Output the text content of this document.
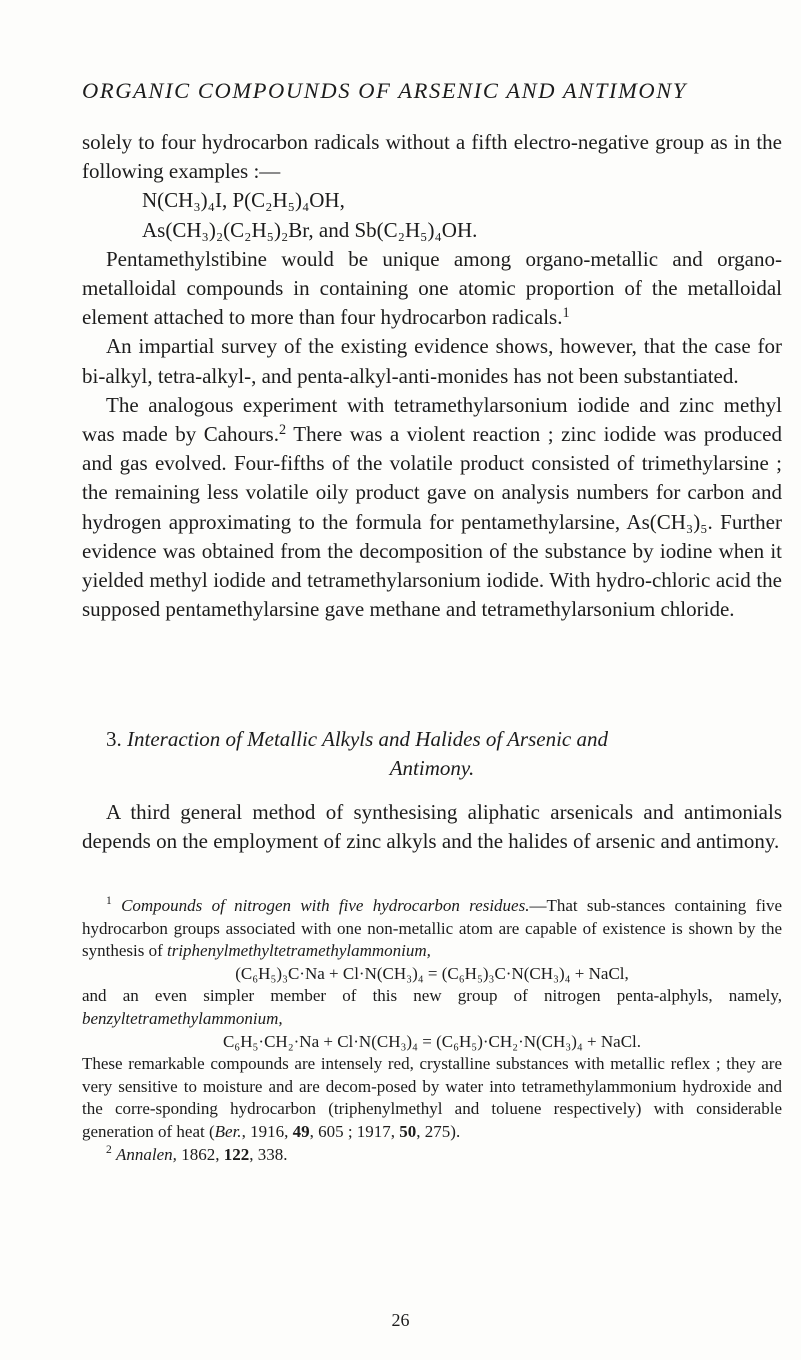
ORGANIC COMPOUNDS OF ARSENIC AND ANTIMONY

solely to four hydrocarbon radicals without a fifth electro-negative group as in the following examples :—

N(CH₃)₄I, P(C₂H₅)₄OH,
As(CH₃)₂(C₂H₅)₂Br, and Sb(C₂H₅)₄OH.

Pentamethylstibine would be unique among organo-metallic and organo-metalloidal compounds in containing one atomic proportion of the metalloidal element attached to more than four hydrocarbon radicals.$^1$

An impartial survey of the existing evidence shows, however, that the case for bi-alkyl, tetra-alkyl-, and penta-alkyl-anti-monides has not been substantiated.

The analogous experiment with tetramethylarsonium iodide and zinc methyl was made by Cahours.$^2$ There was a violent reaction ; zinc iodide was produced and gas evolved. Four-fifths of the volatile product consisted of trimethylarsine ; the remaining less volatile oily product gave on analysis numbers for carbon and hydrogen approximating to the formula for pentamethylarsine, As(CH₃)₅. Further evidence was obtained from the decomposition of the substance by iodine when it yielded methyl iodide and tetramethylarsonium iodide. With hydro-chloric acid the supposed pentamethylarsine gave methane and tetramethylarsonium chloride.

3. Interaction of Metallic Alkyls and Halides of Arsenic and
Antimony.

A third general method of synthesising aliphatic arsenicals and antimonials depends on the employment of zinc alkyls and the halides of arsenic and antimony.

$^1$ Compounds of nitrogen with five hydrocarbon residues.—That sub-stances containing five hydrocarbon groups associated with one non-metallic atom are capable of existence is shown by the synthesis of triphenylmethyltetramethylammonium,

(C₆H₅)₃C·Na + Cl·N(CH₃)₄ = (C₆H₅)₃C·N(CH₃)₄ + NaCl,

and an even simpler member of this new group of nitrogen penta-alphyls, namely, benzyltetramethylammonium,

C₆H₅·CH₂·Na + Cl·N(CH₃)₄ = (C₆H₅)·CH₂·N(CH₃)₄ + NaCl.

These remarkable compounds are intensely red, crystalline substances with metallic reflex ; they are very sensitive to moisture and are decom-posed by water into tetramethylammonium hydroxide and the corre-sponding hydrocarbon (triphenylmethyl and toluene respectively) with considerable generation of heat (Ber., 1916, 49, 605 ; 1917, 50, 275).

$^2$ Annalen, 1862, 122, 338.

26
